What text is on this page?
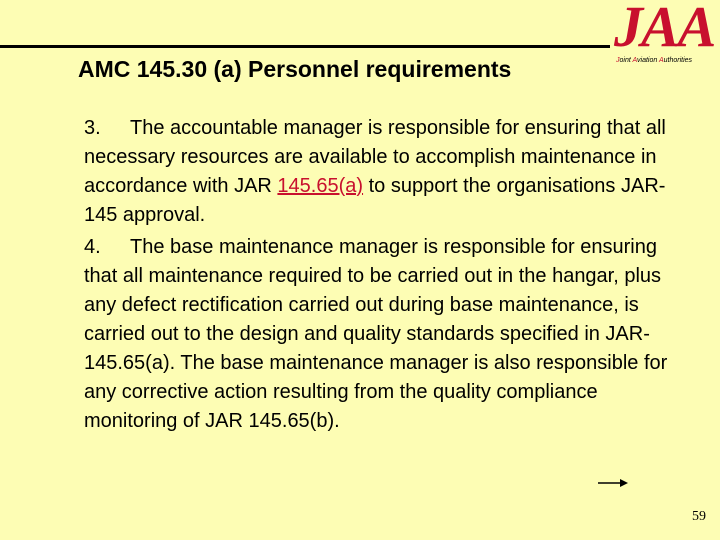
AMC 145.30 (a) Personnel requirements
JAA
Joint Aviation Authorities

3. The accountable manager is responsible for ensuring that all necessary resources are available to accomplish maintenance in accordance with JAR 145.65(a) to support the organisations JAR-145 approval.

4. The base maintenance manager is responsible for ensuring that all maintenance required to be carried out in the hangar, plus any defect rectification carried out during base maintenance, is carried out to the design and quality standards specified in JAR-145.65(a). The base maintenance manager is also responsible for any corrective action resulting from the quality compliance monitoring of JAR 145.65(b).

59
